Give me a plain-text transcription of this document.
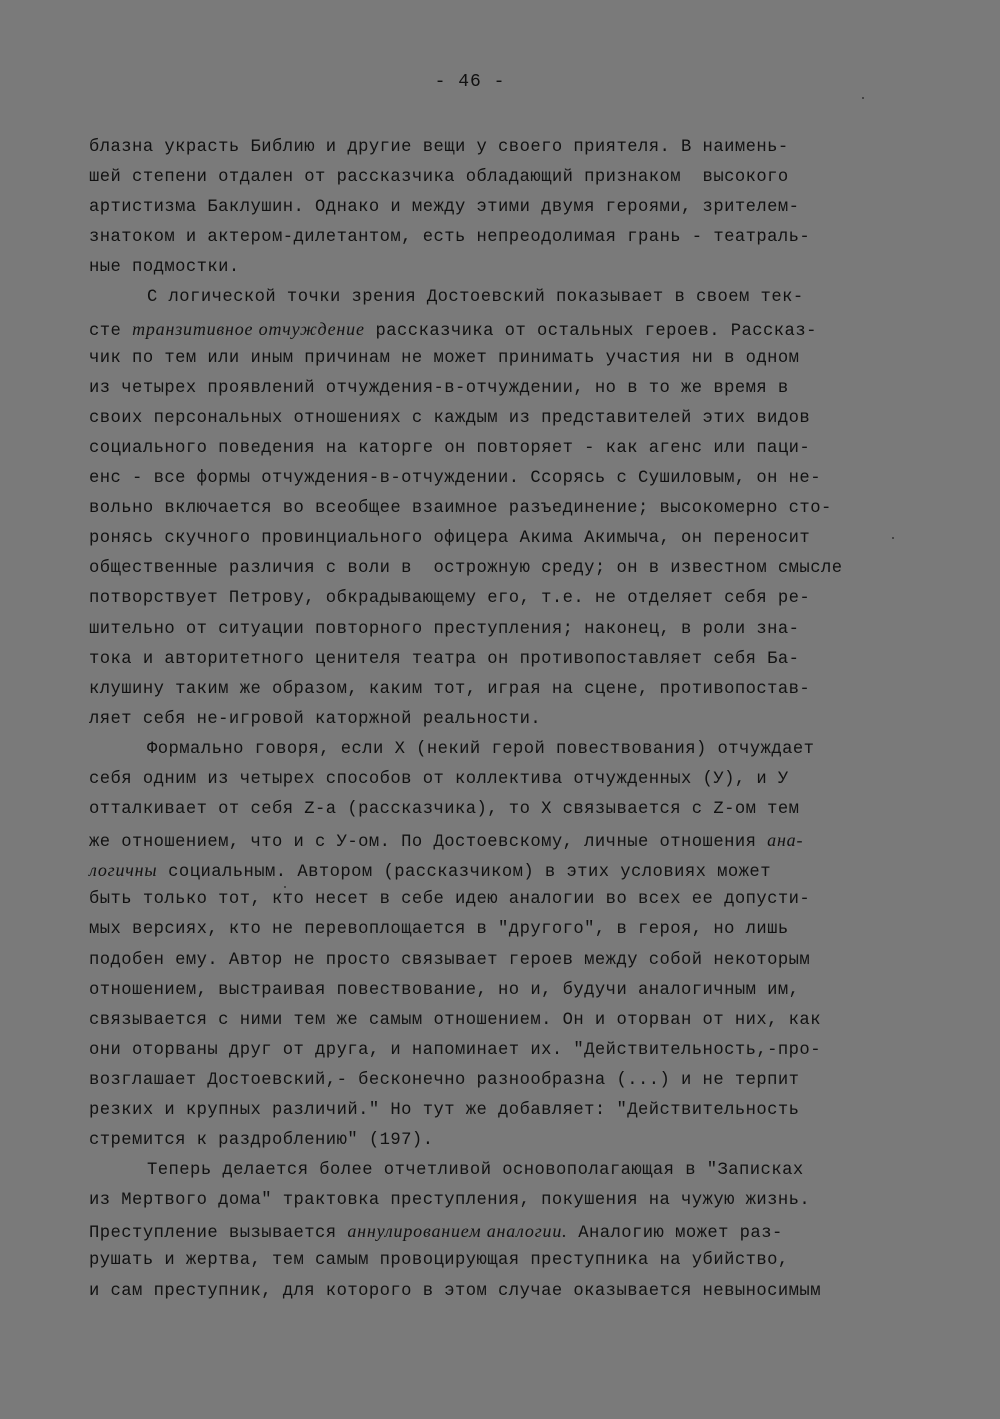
- 46 -
блазна украсть Библию и другие вещи у своего приятеля. В наимень-
шей степени отдален от рассказчика обладающий признаком  высокого
артистизма Баклушин. Однако и между этими двумя героями, зрителем-
знатоком и актером-дилетантом, есть непреодолимая грань - театраль-
ные подмостки.
С логической точки зрения Достоевский показывает в своем тек-
сте транзитивное отчуждение рассказчика от остальных героев. Рассказ-
чик по тем или иным причинам не может принимать участия ни в одном
из четырех проявлений отчуждения-в-отчуждении, но в то же время в
своих персональных отношениях с каждым из представителей этих видов
социального поведения на каторге он повторяет - как агенс или паци-
енс - все формы отчуждения-в-отчуждении. Ссорясь с Сушиловым, он не-
вольно включается во всеобщее взаимное разъединение; высокомерно сто-
ронясь скучного провинциального офицера Акима Акимыча, он переносит
общественные различия с воли в  острожную среду; он в известном смысле
потворствует Петрову, обкрадывающему его, т.е. не отделяет себя ре-
шительно от ситуации повторного преступления; наконец, в роли зна-
тока и авторитетного ценителя театра он противопоставляет себя Ба-
клушину таким же образом, каким тот, играя на сцене, противопостав-
ляет себя не-игровой каторжной реальности.
Формально говоря, если X (некий герой повествования) отчуждает
себя одним из четырех способов от коллектива отчужденных (У), и У
отталкивает от себя Z-а (рассказчика), то X связывается с Z-ом тем
же отношением, что и с У-ом. По Достоевскому, личные отношения ана-
логичны социальным. Автором (рассказчиком) в этих условиях может
быть только тот, кто несет в себе идею аналогии во всех ее допусти-
мых версиях, кто не перевоплощается в "другого", в героя, но лишь
подобен ему. Автор не просто связывает героев между собой некоторым
отношением, выстраивая повествование, но и, будучи аналогичным им,
связывается с ними тем же самым отношением. Он и оторван от них, как
они оторваны друг от друга, и напоминает их. "Действительность,-про-
возглашает Достоевский,- бесконечно разнообразна (...) и не терпит
резких и крупных различий." Но тут же добавляет: "Действительность
стремится к раздроблению" (197).
Теперь делается более отчетливой основополагающая в "Записках
из Мертвого дома" трактовка преступления, покушения на чужую жизнь.
Преступление вызывается аннулированием аналогии. Аналогию может раз-
рушать и жертва, тем самым провоцирующая преступника на убийство,
и сам преступник, для которого в этом случае оказывается невыносимым
